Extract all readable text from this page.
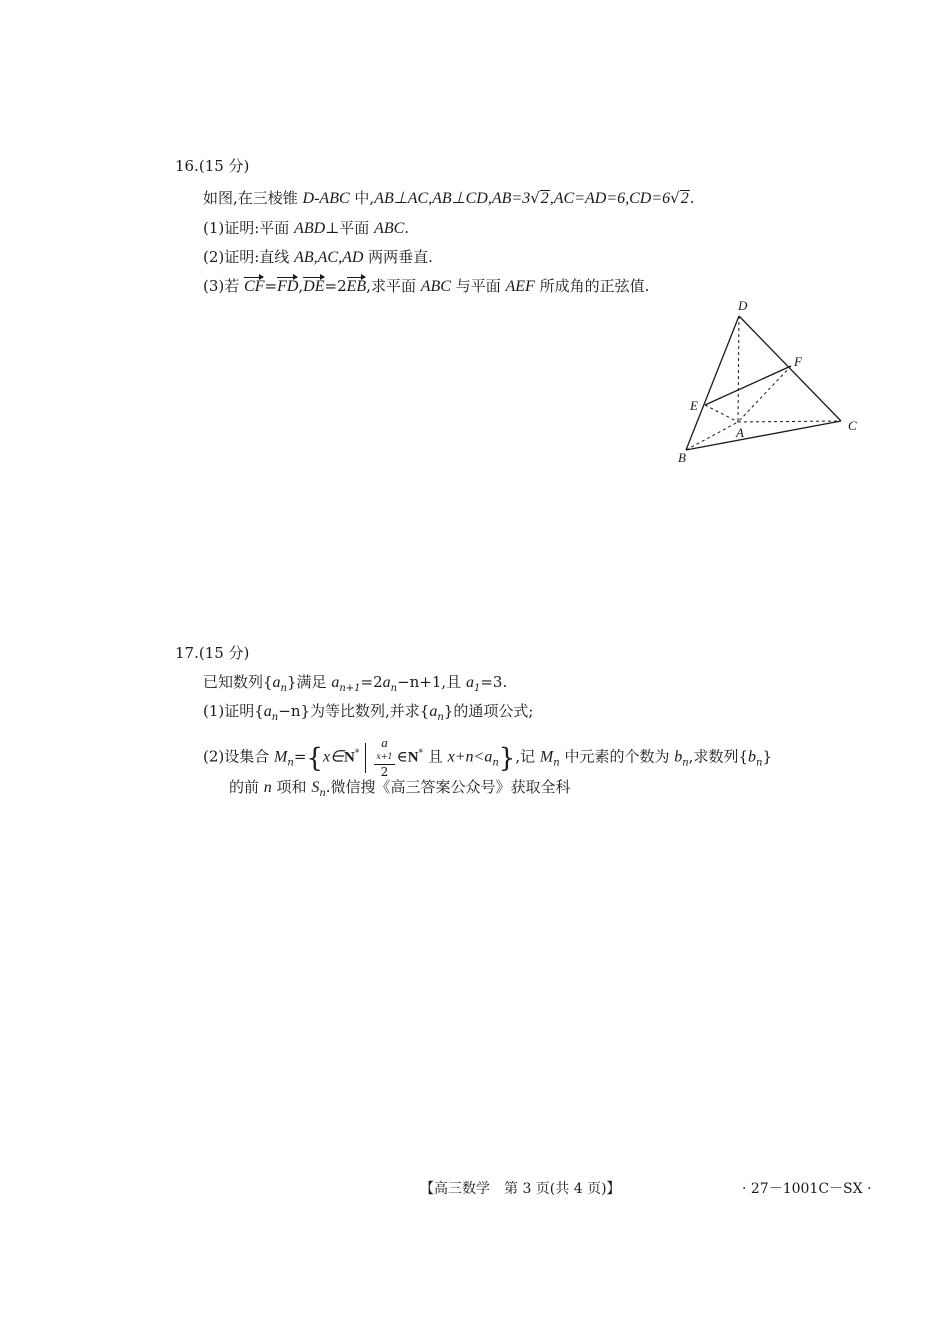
16.(15 分)
如图,在三棱锥 D-ABC 中,AB⊥AC,AB⊥CD,AB=3√2,AC=AD=6,CD=6√2.
(1)证明:平面 ABD⊥平面 ABC.
(2)证明:直线 AB,AC,AD 两两垂直.
(3)若 CF=FD,DE=2EB,求平面 ABC 与平面 AEF 所成角的正弦值.
D
F
E
A	C
B
17.(15 分)
已知数列$\{a_n\}$满足 $a_{n+1}=2a_n-n+1$,且 $a_1=3$.
(1)证明$\{a_n-n\}$为等比数列,并求$\{a_n\}$的通项公式;
(2)设集合 $M_n=\{x\in N^*$ a
x+1
2 ∈N* 且 $x+n<a_n$},记 $M_n$ 中元素的个数为 $b_n$,求数列$\{b_n\}$
的前 n 项和 $S_n$.微信搜《高三答案公众号》获取全科
【高三数学　第 3 页(共 4 页)】	· 27－1001C－SX ·
